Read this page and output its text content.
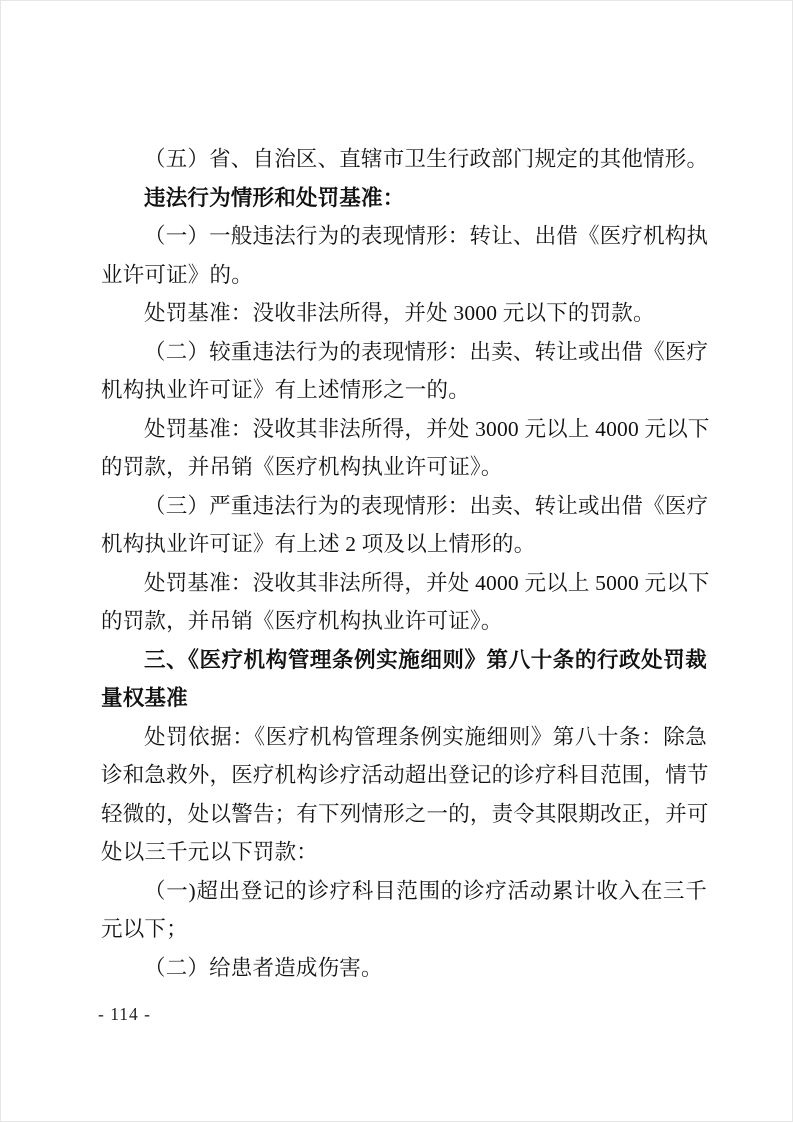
（五）省、自治区、直辖市卫生行政部门规定的其他情形。
违法行为情形和处罚基准：
（一）一般违法行为的表现情形：转让、出借《医疗机构执
业许可证》的。
处罚基准：没收非法所得，并处 3000 元以下的罚款。
（二）较重违法行为的表现情形：出卖、转让或出借《医疗
机构执业许可证》有上述情形之一的。
处罚基准：没收其非法所得，并处 3000 元以上 4000 元以下
的罚款，并吊销《医疗机构执业许可证》。
（三）严重违法行为的表现情形：出卖、转让或出借《医疗
机构执业许可证》有上述 2 项及以上情形的。
处罚基准：没收其非法所得，并处 4000 元以上 5000 元以下
的罚款，并吊销《医疗机构执业许可证》。
三、《医疗机构管理条例实施细则》第八十条的行政处罚裁
量权基准
处罚依据：《医疗机构管理条例实施细则》第八十条：除急
诊和急救外，医疗机构诊疗活动超出登记的诊疗科目范围，情节
轻微的，处以警告；有下列情形之一的，责令其限期改正，并可
处以三千元以下罚款：
（一)超出登记的诊疗科目范围的诊疗活动累计收入在三千
元以下；
（二）给患者造成伤害。
- 114 -
